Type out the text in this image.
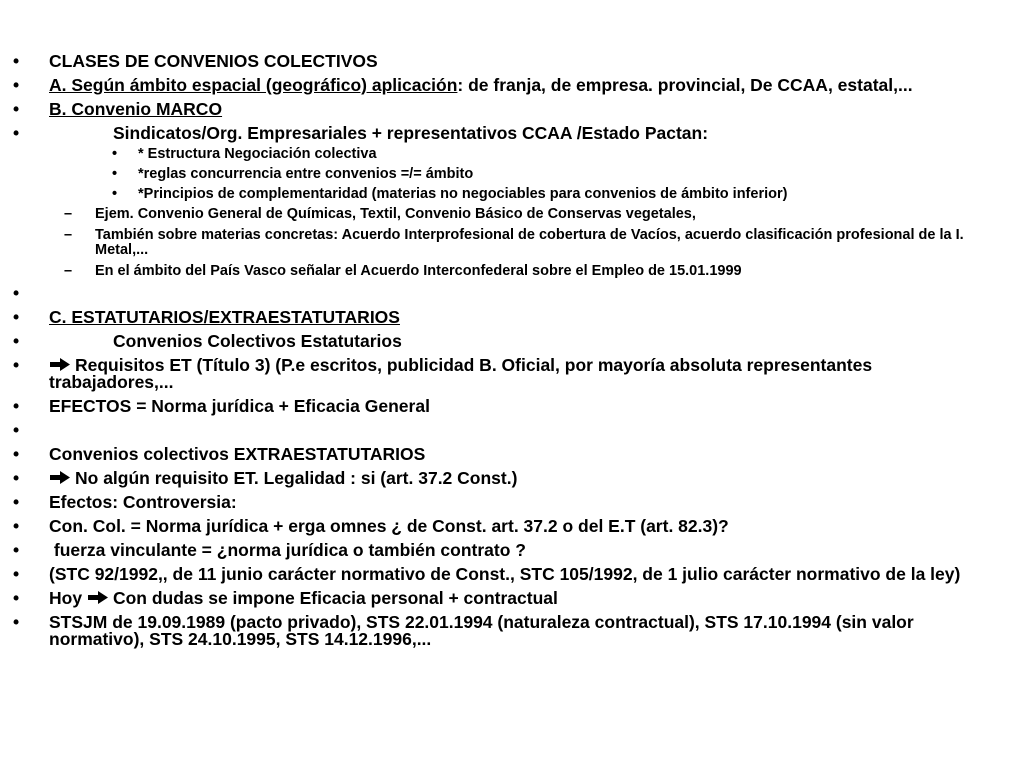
• CLASES DE CONVENIOS COLECTIVOS
• A. Según ámbito espacial (geográfico) aplicación: de franja, de empresa. provincial, De CCAA, estatal,...
• B. Convenio MARCO
•	Sindicatos/Org. Empresariales + representativos CCAA /Estado Pactan:
• * Estructura Negociación colectiva
• *reglas concurrencia entre convenios =/= ámbito
• *Principios de complementaridad (materias no negociables para convenios de ámbito inferior)
– Ejem. Convenio General de Químicas, Textil, Convenio Básico de Conservas vegetales,
– También sobre materias concretas: Acuerdo Interprofesional de cobertura de Vacíos, acuerdo clasificación profesional de la I. Metal,...
– En el ámbito del País Vasco señalar el Acuerdo Interconfederal sobre el Empleo de 15.01.1999
•

• C. ESTATUTARIOS/EXTRAESTATUTARIOS
•	Convenios Colectivos Estatutarios
•	Requisitos ET (Título 3) (P.e escritos, publicidad B. Oficial, por mayoría absoluta representantes trabajadores,...
• EFECTOS = Norma jurídica + Eficacia General
•

• Convenios colectivos EXTRAESTATUTARIOS
•	No algún requisito ET. Legalidad : si (art. 37.2 Const.)
• Efectos: Controversia:
• Con. Col. = Norma jurídica + erga omnes ¿ de Const. art. 37.2 o del E.T (art. 82.3)?
• fuerza vinculante = ¿norma jurídica o también contrato ?
• (STC 92/1992,, de 11 junio carácter normativo de Const., STC 105/1992, de 1 julio carácter normativo de la ley)
• Hoy
Con dudas se impone Eficacia personal + contractual
• STSJM de 19.09.1989 (pacto privado), STS 22.01.1994 (naturaleza contractual), STS 17.10.1994 (sin valor normativo), STS 24.10.1995, STS 14.12.1996,...
